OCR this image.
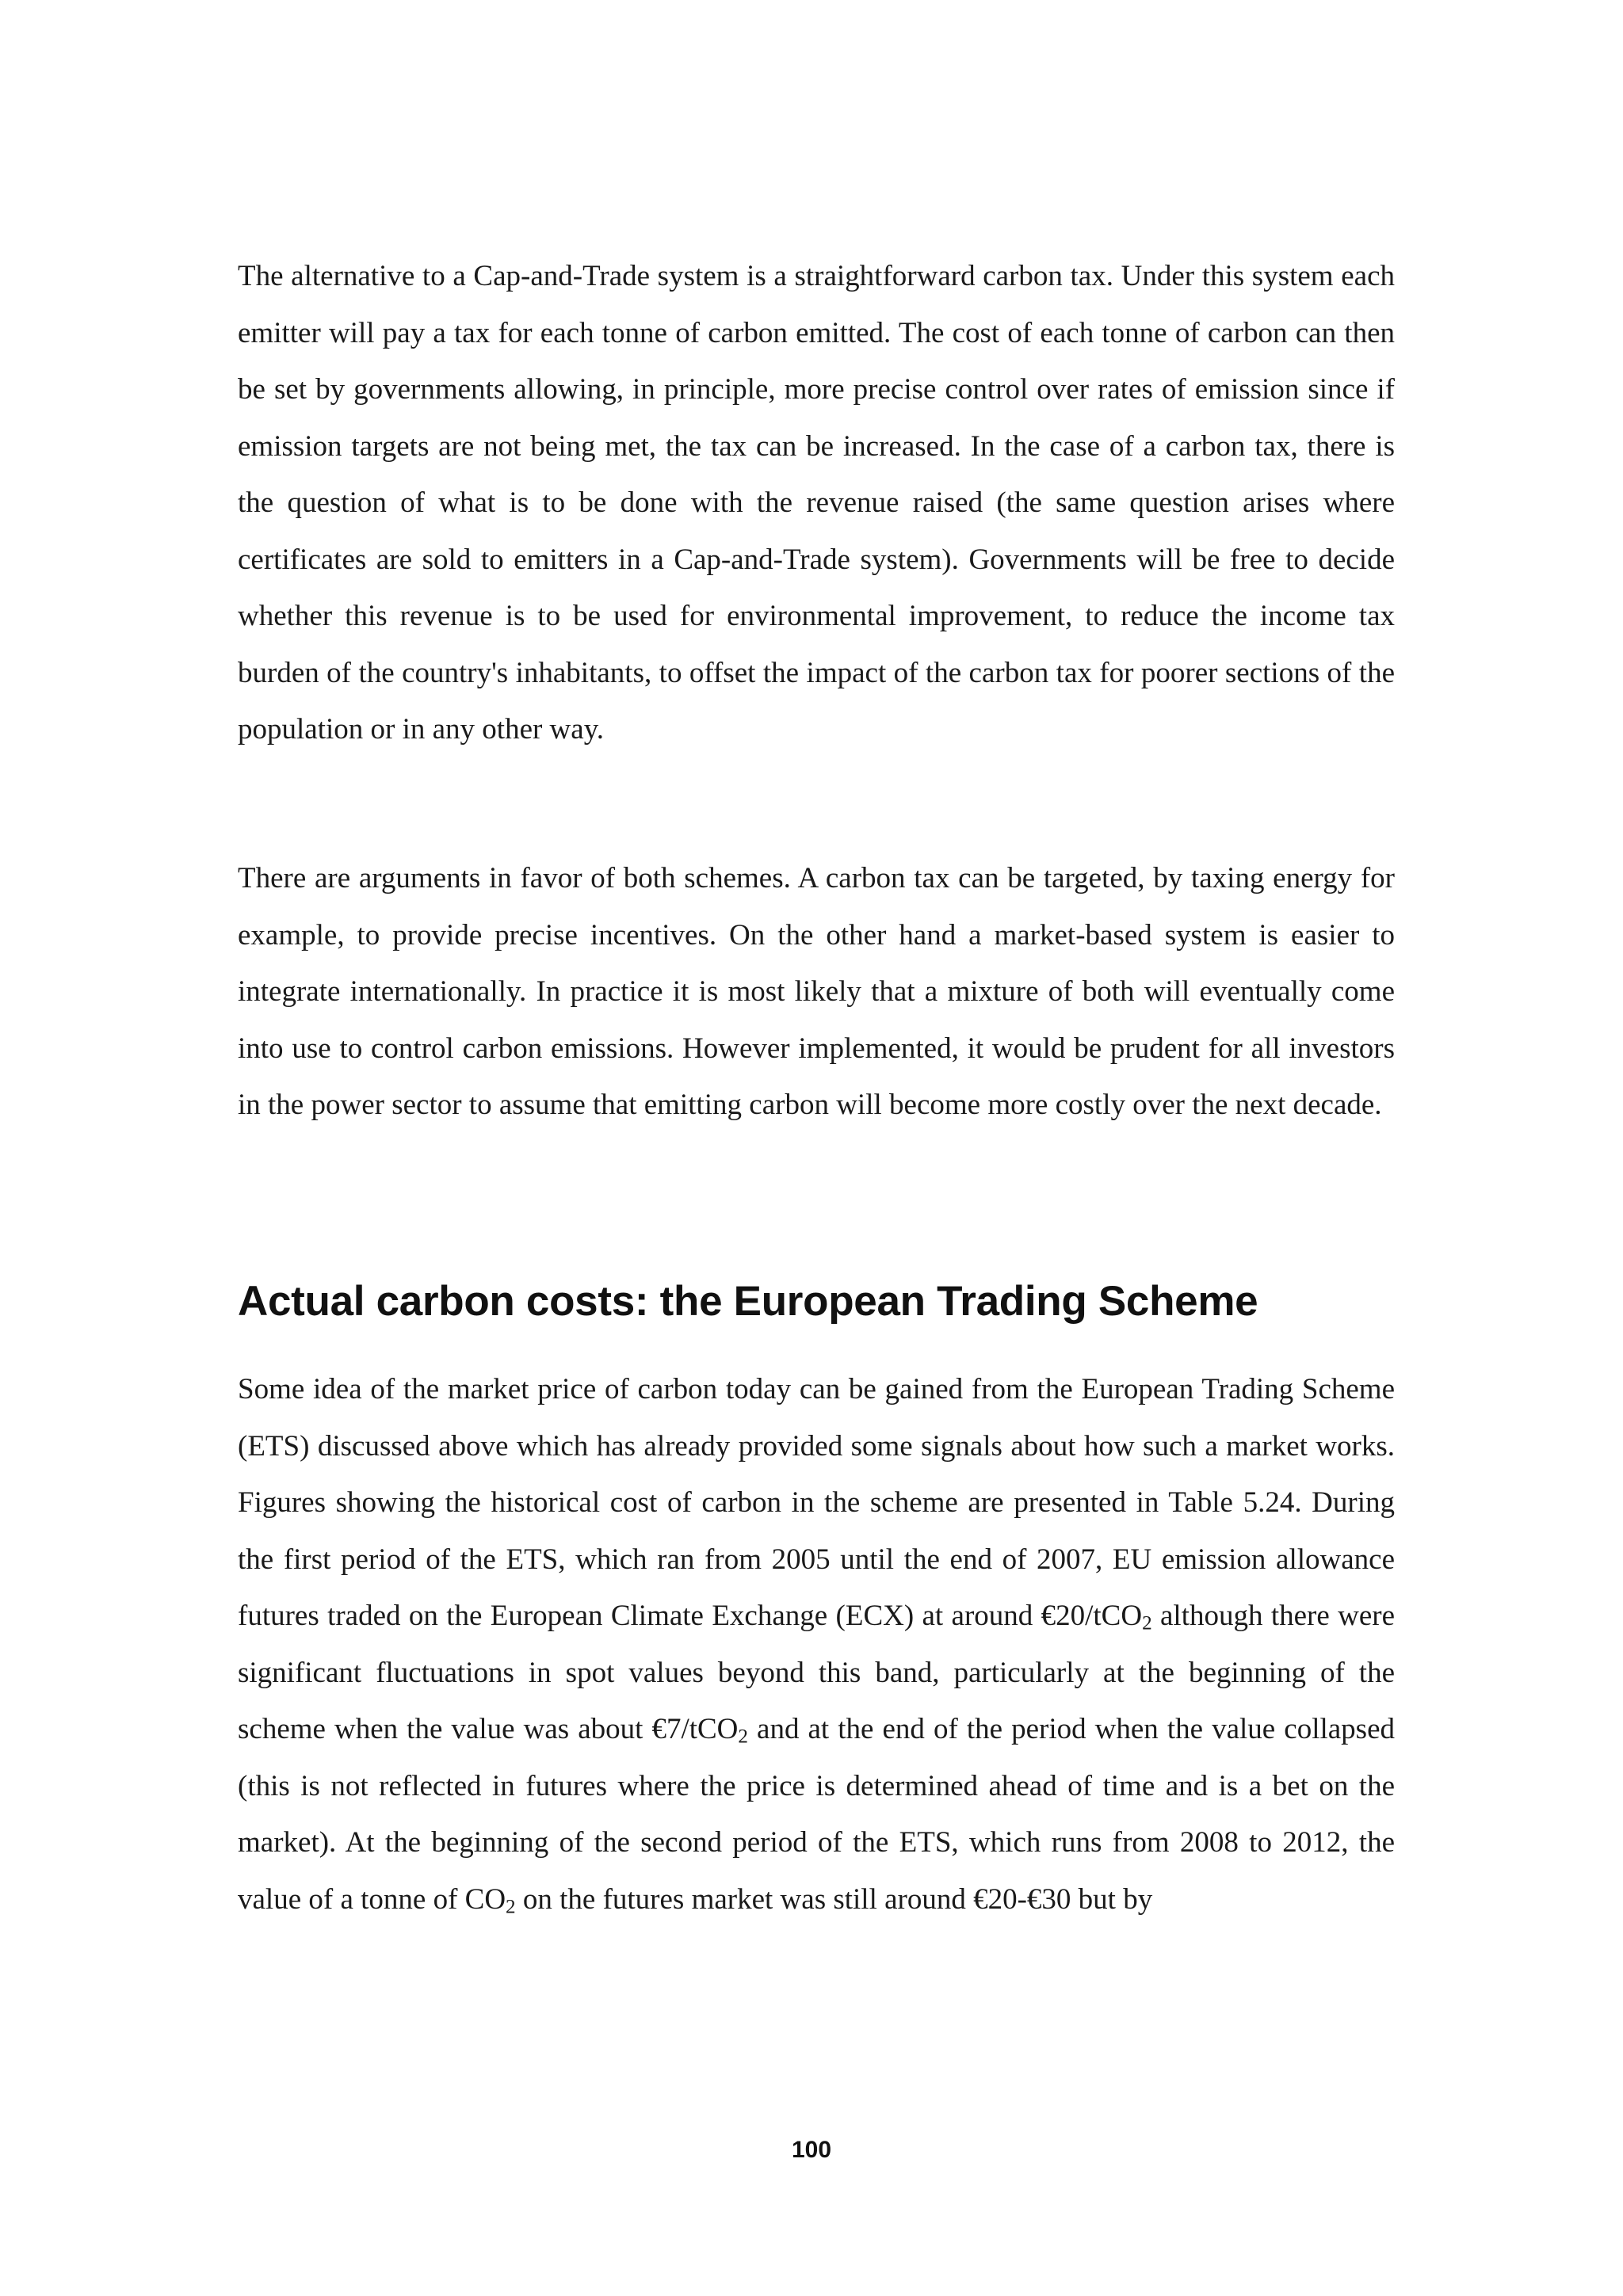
The alternative to a Cap-and-Trade system is a straightforward carbon tax. Under this system each emitter will pay a tax for each tonne of carbon emitted. The cost of each tonne of carbon can then be set by governments allowing, in principle, more precise control over rates of emission since if emission targets are not being met, the tax can be increased. In the case of a carbon tax, there is the question of what is to be done with the revenue raised (the same question arises where certificates are sold to emitters in a Cap-and-Trade system). Governments will be free to decide whether this revenue is to be used for environmental improvement, to reduce the income tax burden of the country's inhabitants, to offset the impact of the carbon tax for poorer sections of the population or in any other way.

There are arguments in favor of both schemes. A carbon tax can be targeted, by taxing energy for example, to provide precise incentives. On the other hand a market-based system is easier to integrate internationally. In practice it is most likely that a mixture of both will eventually come into use to control carbon emissions. However implemented, it would be prudent for all investors in the power sector to assume that emitting carbon will become more costly over the next decade.

Actual carbon costs: the European Trading Scheme

Some idea of the market price of carbon today can be gained from the European Trading Scheme (ETS) discussed above which has already provided some signals about how such a market works. Figures showing the historical cost of carbon in the scheme are presented in Table 5.24. During the first period of the ETS, which ran from 2005 until the end of 2007, EU emission allowance futures traded on the European Climate Exchange (ECX) at around €20/tCO$_2$ although there were significant fluctuations in spot values beyond this band, particularly at the beginning of the scheme when the value was about €7/tCO$_2$ and at the end of the period when the value collapsed (this is not reflected in futures where the price is determined ahead of time and is a bet on the market). At the beginning of the second period of the ETS, which runs from 2008 to 2012, the value of a tonne of $CO_2$ on the futures market was still around €20-€30 but by

100
